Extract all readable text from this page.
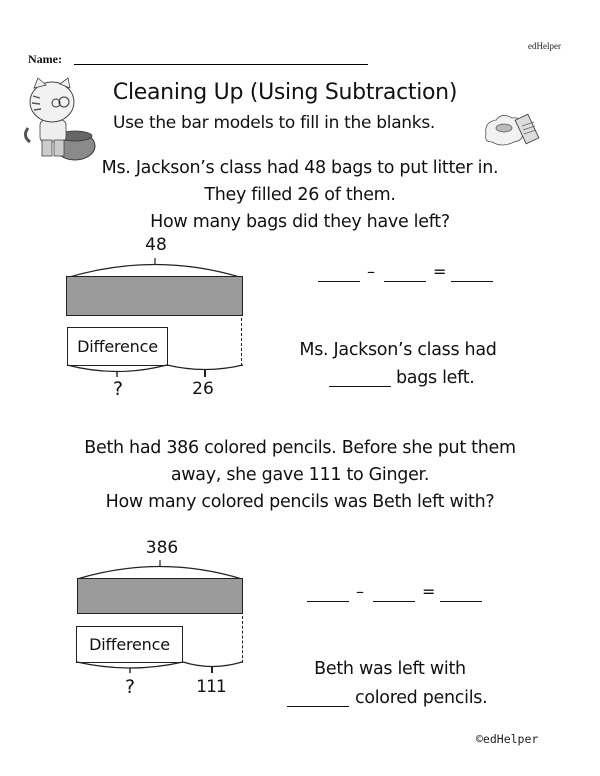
edHelper
Name:
Cleaning Up (Using Subtraction)
Use the bar models to fill in the blanks.
Ms. Jackson’s class had 48 bags to put litter in.
They filled 26 of them.
How many bags did they have left?
48
Difference
?	26
–	=
Ms. Jackson’s class had
bags left.
Beth had 386 colored pencils. Before she put them
away, she gave 111 to Ginger.
How many colored pencils was Beth left with?
386
Difference
?	111
–	=
Beth was left with
colored pencils.
©edHelper
